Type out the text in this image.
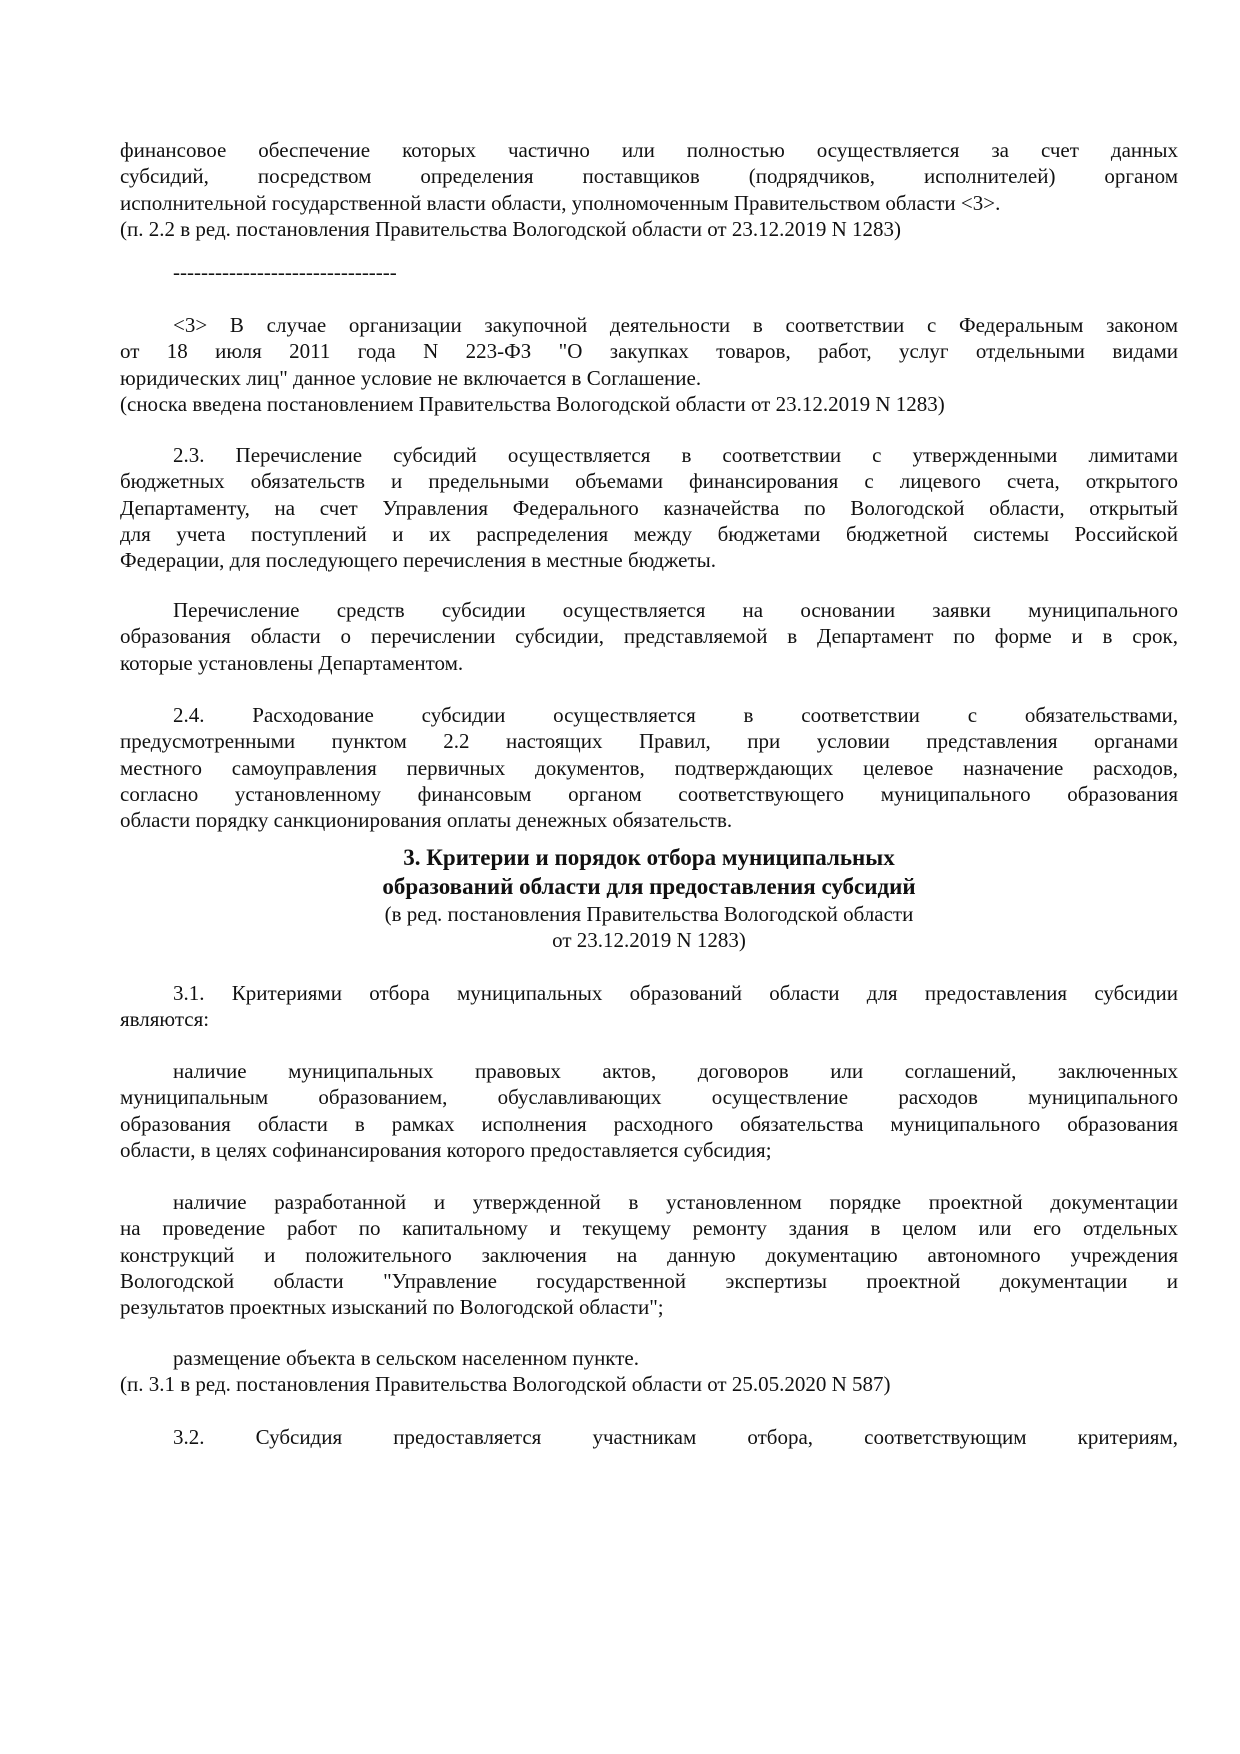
финансовое обеспечение которых частично или полностью осуществляется за счет данных
субсидий, посредством определения поставщиков (подрядчиков, исполнителей) органом
исполнительной государственной власти области, уполномоченным Правительством области <3>.
(п. 2.2 в ред. постановления Правительства Вологодской области от 23.12.2019 N 1283)
--------------------------------
<3> В случае организации закупочной деятельности в соответствии с Федеральным законом
от 18 июля 2011 года N 223-ФЗ "О закупках товаров, работ, услуг отдельными видами
юридических лиц" данное условие не включается в Соглашение.
(сноска введена постановлением Правительства Вологодской области от 23.12.2019 N 1283)
2.3. Перечисление субсидий осуществляется в соответствии с утвержденными лимитами
бюджетных обязательств и предельными объемами финансирования с лицевого счета, открытого
Департаменту, на счет Управления Федерального казначейства по Вологодской области, открытый
для учета поступлений и их распределения между бюджетами бюджетной системы Российской
Федерации, для последующего перечисления в местные бюджеты.
Перечисление средств субсидии осуществляется на основании заявки муниципального
образования области о перечислении субсидии, представляемой в Департамент по форме и в срок,
которые установлены Департаментом.
2.4. Расходование субсидии осуществляется в соответствии с обязательствами,
предусмотренными пунктом 2.2 настоящих Правил, при условии представления органами
местного самоуправления первичных документов, подтверждающих целевое назначение расходов,
согласно установленному финансовым органом соответствующего муниципального образования
области порядку санкционирования оплаты денежных обязательств.
3. Критерии и порядок отбора муниципальных
образований области для предоставления субсидий
(в ред. постановления Правительства Вологодской области
от 23.12.2019 N 1283)
3.1. Критериями отбора муниципальных образований области для предоставления субсидии
являются:
наличие муниципальных правовых актов, договоров или соглашений, заключенных
муниципальным образованием, обуславливающих осуществление расходов муниципального
образования области в рамках исполнения расходного обязательства муниципального образования
области, в целях софинансирования которого предоставляется субсидия;
наличие разработанной и утвержденной в установленном порядке проектной документации
на проведение работ по капитальному и текущему ремонту здания в целом или его отдельных
конструкций и положительного заключения на данную документацию автономного учреждения
Вологодской области "Управление государственной экспертизы проектной документации и
результатов проектных изысканий по Вологодской области";
размещение объекта в сельском населенном пункте.
(п. 3.1 в ред. постановления Правительства Вологодской области от 25.05.2020 N 587)
3.2. Субсидия предоставляется участникам отбора, соответствующим критериям,
